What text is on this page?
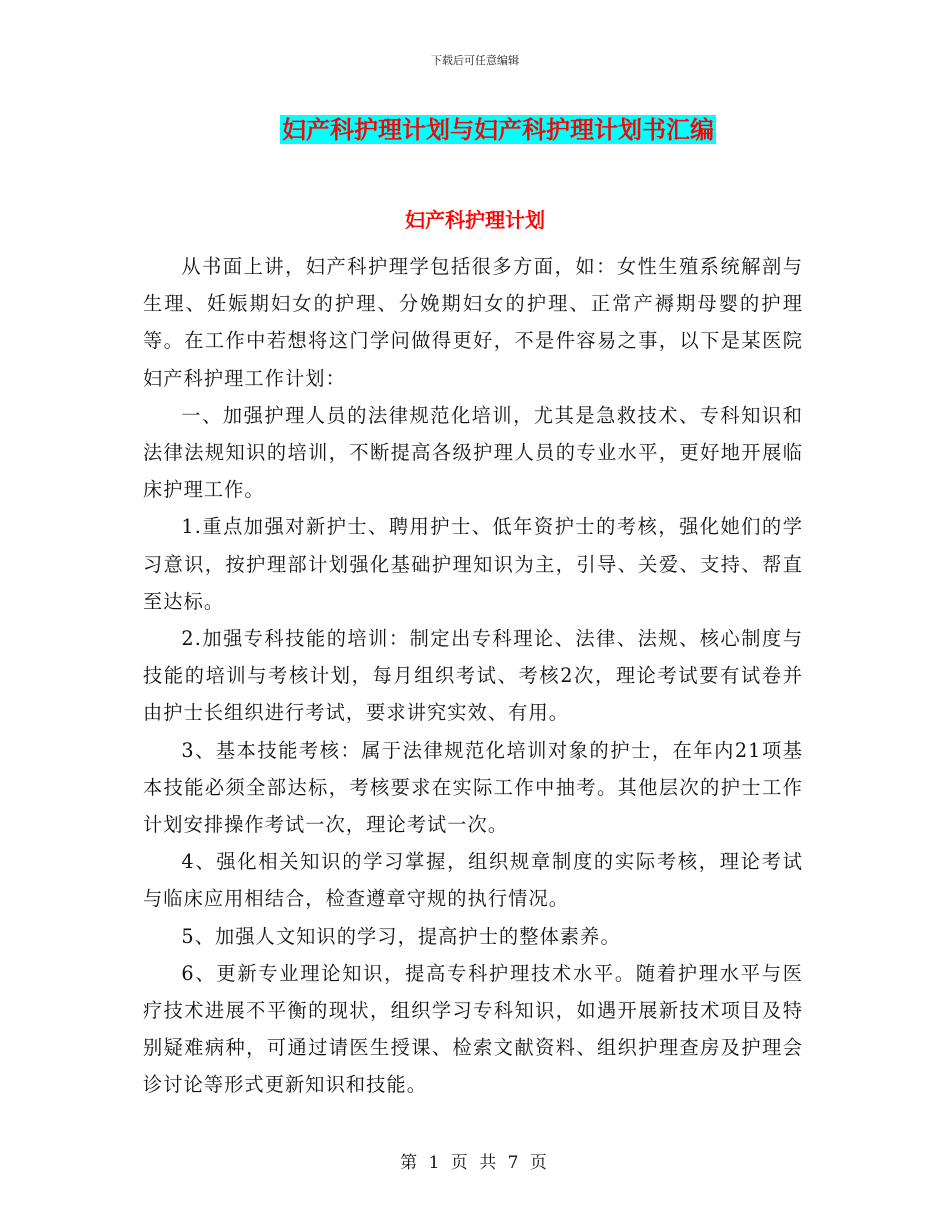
下载后可任意编辑
妇产科护理计划与妇产科护理计划书汇编
妇产科护理计划

从书面上讲，妇产科护理学包括很多方面，如：女性生殖系统解剖与生理、妊娠期妇女的护理、分娩期妇女的护理、正常产褥期母婴的护理等。在工作中若想将这门学问做得更好，不是件容易之事，以下是某医院妇产科护理工作计划：

一、加强护理人员的法律规范化培训，尤其是急救技术、专科知识和法律法规知识的培训，不断提高各级护理人员的专业水平，更好地开展临床护理工作。

1.重点加强对新护士、聘用护士、低年资护士的考核，强化她们的学习意识，按护理部计划强化基础护理知识为主，引导、关爱、支持、帮直至达标。

2.加强专科技能的培训：制定出专科理论、法律、法规、核心制度与技能的培训与考核计划，每月组织考试、考核2次，理论考试要有试卷并由护士长组织进行考试，要求讲究实效、有用。

3、基本技能考核：属于法律规范化培训对象的护士，在年内21项基本技能必须全部达标，考核要求在实际工作中抽考。其他层次的护士工作计划安排操作考试一次，理论考试一次。

4、强化相关知识的学习掌握，组织规章制度的实际考核，理论考试与临床应用相结合，检查遵章守规的执行情况。

5、加强人文知识的学习，提高护士的整体素养。

6、更新专业理论知识，提高专科护理技术水平。随着护理水平与医疗技术进展不平衡的现状，组织学习专科知识，如遇开展新技术项目及特别疑难病种，可通过请医生授课、检索文献资料、组织护理查房及护理会诊讨论等形式更新知识和技能。

第 1 页 共 7 页
